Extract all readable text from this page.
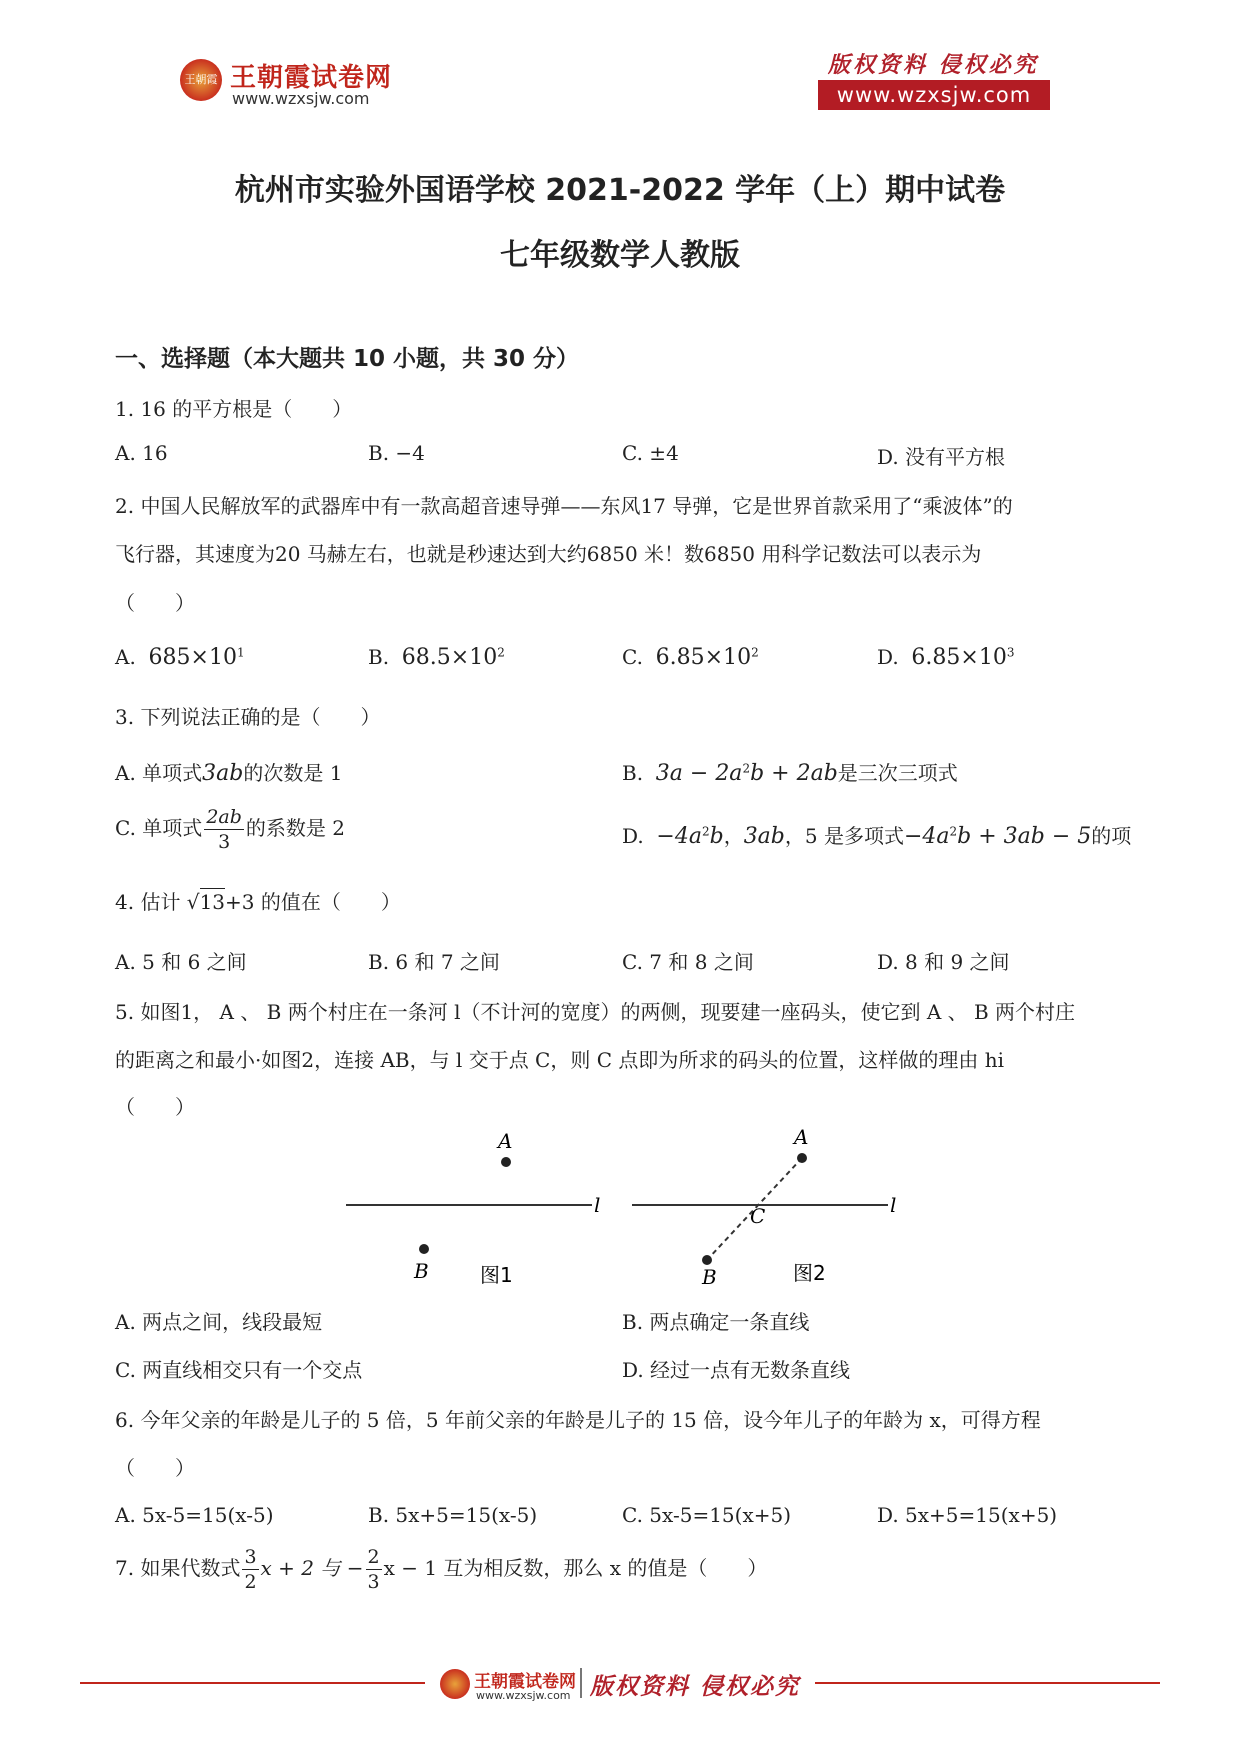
王朝霞 王朝霞试卷网
www.wzxsjw.com
版权资料 侵权必究
www.wzxsjw.com
杭州市实验外国语学校 2021-2022 学年（上）期中试卷
七年级数学人教版
一、选择题（本大题共 10 小题，共 30 分）
1. 16 的平方根是（　　）
A. 16	B. −4	C. ±4	D. 没有平方根
2. 中国人民解放军的武器库中有一款高超音速导弹——东风17 导弹，它是世界首款采用了“乘波体”的
飞行器，其速度为20 马赫左右，也就是秒速达到大约6850 米！数6850 用科学记数法可以表示为
（　　）
A. $685\times 10^1$	B. $68.5\times 10^2$	C. $6.85\times 10^2$	D. $6.85\times 10^3$
3. 下列说法正确的是（　　）
A. 单项式3ab的次数是 1	B. $3a - 2a^2b + 2ab$是三次三项式
C. 单项式 $\frac{2ab}{3}$ 的系数是 2	D. $-4a^2b$，3ab，5 是多项式$-4a^2b + 3ab - 5$的项
4. 估计 √13+3 的值在（　　）
A. 5 和 6 之间	B. 6 和 7 之间	C. 7 和 8 之间	D. 8 和 9 之间
5. 如图1， A 、 B 两个村庄在一条河 l（不计河的宽度）的两侧，现要建一座码头，使它到 A 、 B 两个村庄
的距离之和最小·如图2，连接 AB，与 l 交于点 C，则 C 点即为所求的码头的位置，这样做的理由 hi
（　　）
l
A
B	图1
l
A
B
C
图2
A. 两点之间，线段最短	B. 两点确定一条直线
C. 两直线相交只有一个交点	D. 经过一点有无数条直线
6. 今年父亲的年龄是儿子的 5 倍，5 年前父亲的年龄是儿子的 15 倍，设今年儿子的年龄为 x，可得方程
（　　）
A. 5x-5=15(x-5)	B. 5x+5=15(x-5)	C. 5x-5=15(x+5)	D. 5x+5=15(x+5)
7. 如果代数式 $\frac{3}{2}$ x + 2 与 − $\frac{2}{3}$ x − 1 互为相反数，那么 x 的值是（　　）
王朝霞试卷网
www.wzxsjw.com 版权资料 侵权必究
